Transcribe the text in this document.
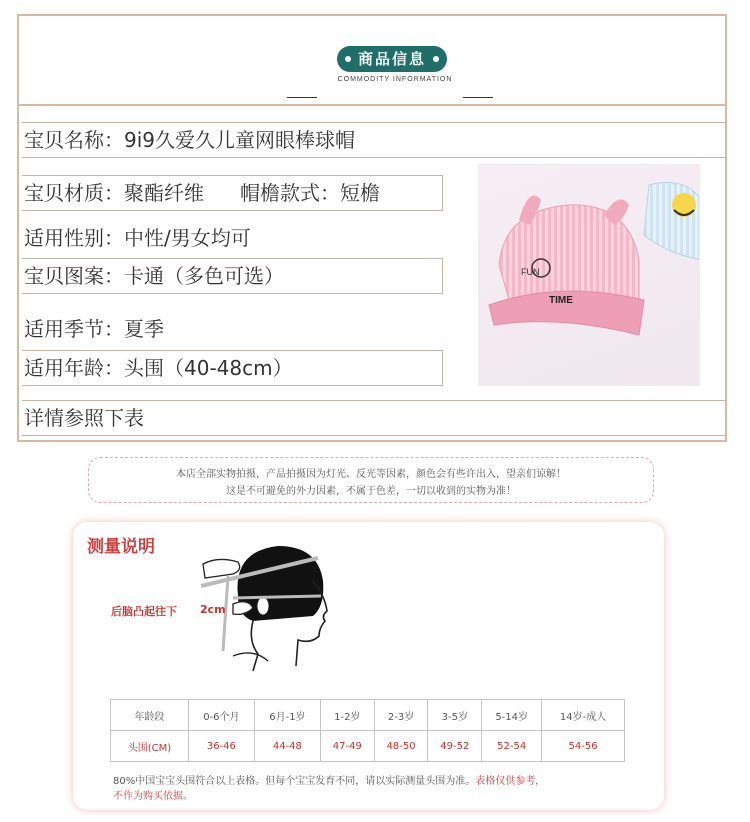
商品信息
COMMODITY INFORMATION
宝贝名称：9i9久爱久儿童网眼棒球帽
宝贝材质：聚酯纤维 帽檐款式：短檐
适用性别：中性/男女均可
宝贝图案：卡通（多色可选）
适用季节：夏季
适用年龄：头围（40-48cm）
详情参照下表
FUN
TIME
本店全部实物拍摄，产品拍摄因为灯光、反光等因素，颜色会有些许出入，望亲们谅解！
这是不可避免的外力因素，不属于色差，一切以收到的实物为准！
测量说明
后脑凸起往下 2cm
年龄段	0-6个月	6月-1岁	1-2岁	2-3岁	3-5岁	5-14岁	14岁-成人
头围(CM)	36-46	44-48	47-49	48-50	49-52	52-54	54-56
80%中国宝宝头围符合以上表格。但每个宝宝发育不同，请以实际测量头围为准。表格仅供参考，
不作为购买依据。
